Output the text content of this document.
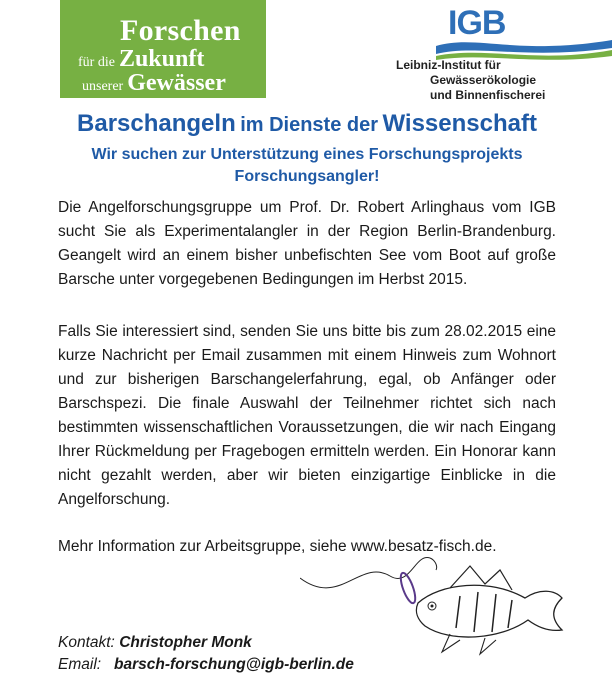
Forschen
für die Zukunft
unserer Gewässer
IGB
Leibniz-Institut für
Gewässerökologie
und Binnenfischerei
Barschangeln im Dienste der Wissenschaft
Wir suchen zur Unterstützung eines Forschungsprojekts
Forschungsangler!
Die Angelforschungsgruppe um Prof. Dr. Robert Arlinghaus vom IGB sucht Sie als Experimentalangler in der Region Berlin-Brandenburg. Geangelt wird an einem bisher unbefischten See vom Boot auf große Barsche unter vorgegebenen Bedingungen im Herbst 2015.
Falls Sie interessiert sind, senden Sie uns bitte bis zum 28.02.2015 eine kurze Nachricht per Email zusammen mit einem Hinweis zum Wohnort und zur bisherigen Barschangelerfahrung, egal, ob Anfänger oder Barschspezi. Die finale Auswahl der Teilnehmer richtet sich nach bestimmten wissenschaftlichen Voraussetzungen, die wir nach Eingang Ihrer Rückmeldung per Fragebogen ermitteln werden. Ein Honorar kann nicht gezahlt werden, aber wir bieten einzigartige Einblicke in die Angelforschung.
Mehr Information zur Arbeitsgruppe, siehe www.besatz-fisch.de.
Kontakt: Christopher Monk
Email: barsch-forschung@igb-berlin.de
